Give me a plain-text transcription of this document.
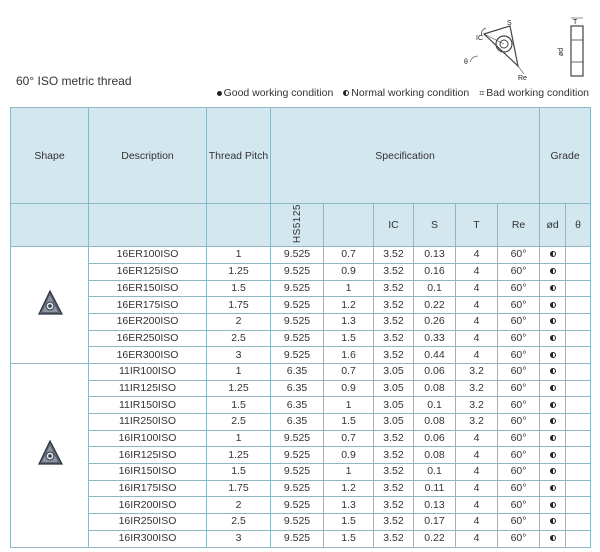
60° ISO metric thread
Good working condition Normal working condition ⌗ Bad working condition
IC
S
θ
Re
T
ød
Shape	Description	Thread Pitch	Specification						Grade	
			HS5125							
					IC	S	T	Re	ød	θ
	16ER100ISO	1	9.525	0.7	3.52	0.13	4	60°		
	16ER125ISO	1.25	9.525	0.9	3.52	0.16	4	60°		
	16ER150ISO	1.5	9.525	1	3.52	0.1	4	60°		
	16ER175ISO	1.75	9.525	1.2	3.52	0.22	4	60°		
	16ER200ISO	2	9.525	1.3	3.52	0.26	4	60°		
	16ER250ISO	2.5	9.525	1.5	3.52	0.33	4	60°		
	16ER300ISO	3	9.525	1.6	3.52	0.44	4	60°		
	11IR100ISO	1	6.35	0.7	3.05	0.06	3.2	60°		
	11IR125ISO	1.25	6.35	0.9	3.05	0.08	3.2	60°		
	11IR150ISO	1.5	6.35	1	3.05	0.1	3.2	60°		
	11IR250ISO	2.5	6.35	1.5	3.05	0.08	3.2	60°		
	16IR100ISO	1	9.525	0.7	3.52	0.06	4	60°		
	16IR125ISO	1.25	9.525	0.9	3.52	0.08	4	60°		
	16IR150ISO	1.5	9.525	1	3.52	0.1	4	60°		
	16IR175ISO	1.75	9.525	1.2	3.52	0.11	4	60°		
	16IR200ISO	2	9.525	1.3	3.52	0.13	4	60°		
	16IR250ISO	2.5	9.525	1.5	3.52	0.17	4	60°		
	16IR300ISO	3	9.525	1.5	3.52	0.22	4	60°		
